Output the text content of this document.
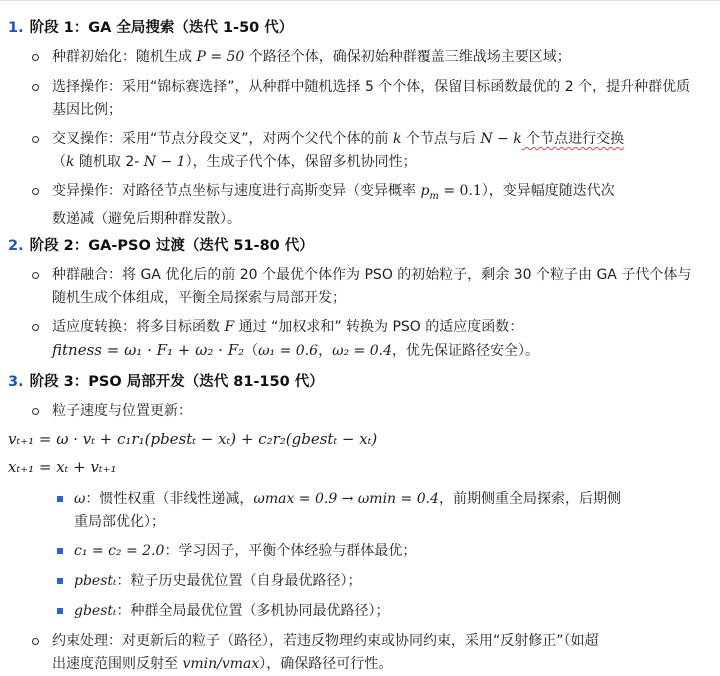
1. 阶段 1：GA 全局搜索（迭代 1-50 代）
种群初始化：随机生成 P = 50 个路径个体，确保初始种群覆盖三维战场主要区域；
选择操作：采用“锦标赛选择”，从种群中随机选择 5 个个体，保留目标函数最优的 2 个，提升种群优质基因比例；
交叉操作：采用“节点分段交叉”，对两个父代个体的前 k 个节点与后 N − k 个节点进行交换
（k 随机取 2- N − 1），生成子代个体，保留多机协同性；
变异操作：对路径节点坐标与速度进行高斯变异（变异概率 $p_m = 0.1$），变异幅度随迭代次
数递减（避免后期种群发散）。
2. 阶段 2：GA-PSO 过渡（迭代 51-80 代）
种群融合：将 GA 优化后的前 20 个最优个体作为 PSO 的初始粒子，剩余 30 个粒子由 GA 子代个体与随机生成个体组成，平衡全局探索与局部开发；
适应度转换：将多目标函数 F 通过 “加权求和” 转换为 PSO 的适应度函数：
fitness = ω₁ · F₁ + ω₂ · F₂（ω₁ = 0.6，ω₂ = 0.4，优先保证路径安全）。
3. 阶段 3：PSO 局部开发（迭代 81-150 代）
粒子速度与位置更新：
vₜ₊₁ = ω · vₜ + c₁r₁(pbestₜ − xₜ) + c₂r₂(gbestₜ − xₜ)
xₜ₊₁ = xₜ + vₜ₊₁
ω：惯性权重（非线性递减，ωmax = 0.9 → ωmin = 0.4，前期侧重全局探索，后期侧
重局部优化）；
c₁ = c₂ = 2.0：学习因子，平衡个体经验与群体最优；
pbestₜ：粒子历史最优位置（自身最优路径）；
gbestₜ：种群全局最优位置（多机协同最优路径）；
约束处理：对更新后的粒子（路径），若违反物理约束或协同约束，采用“反射修正”（如超
出速度范围则反射至 vmin/vmax），确保路径可行性。
